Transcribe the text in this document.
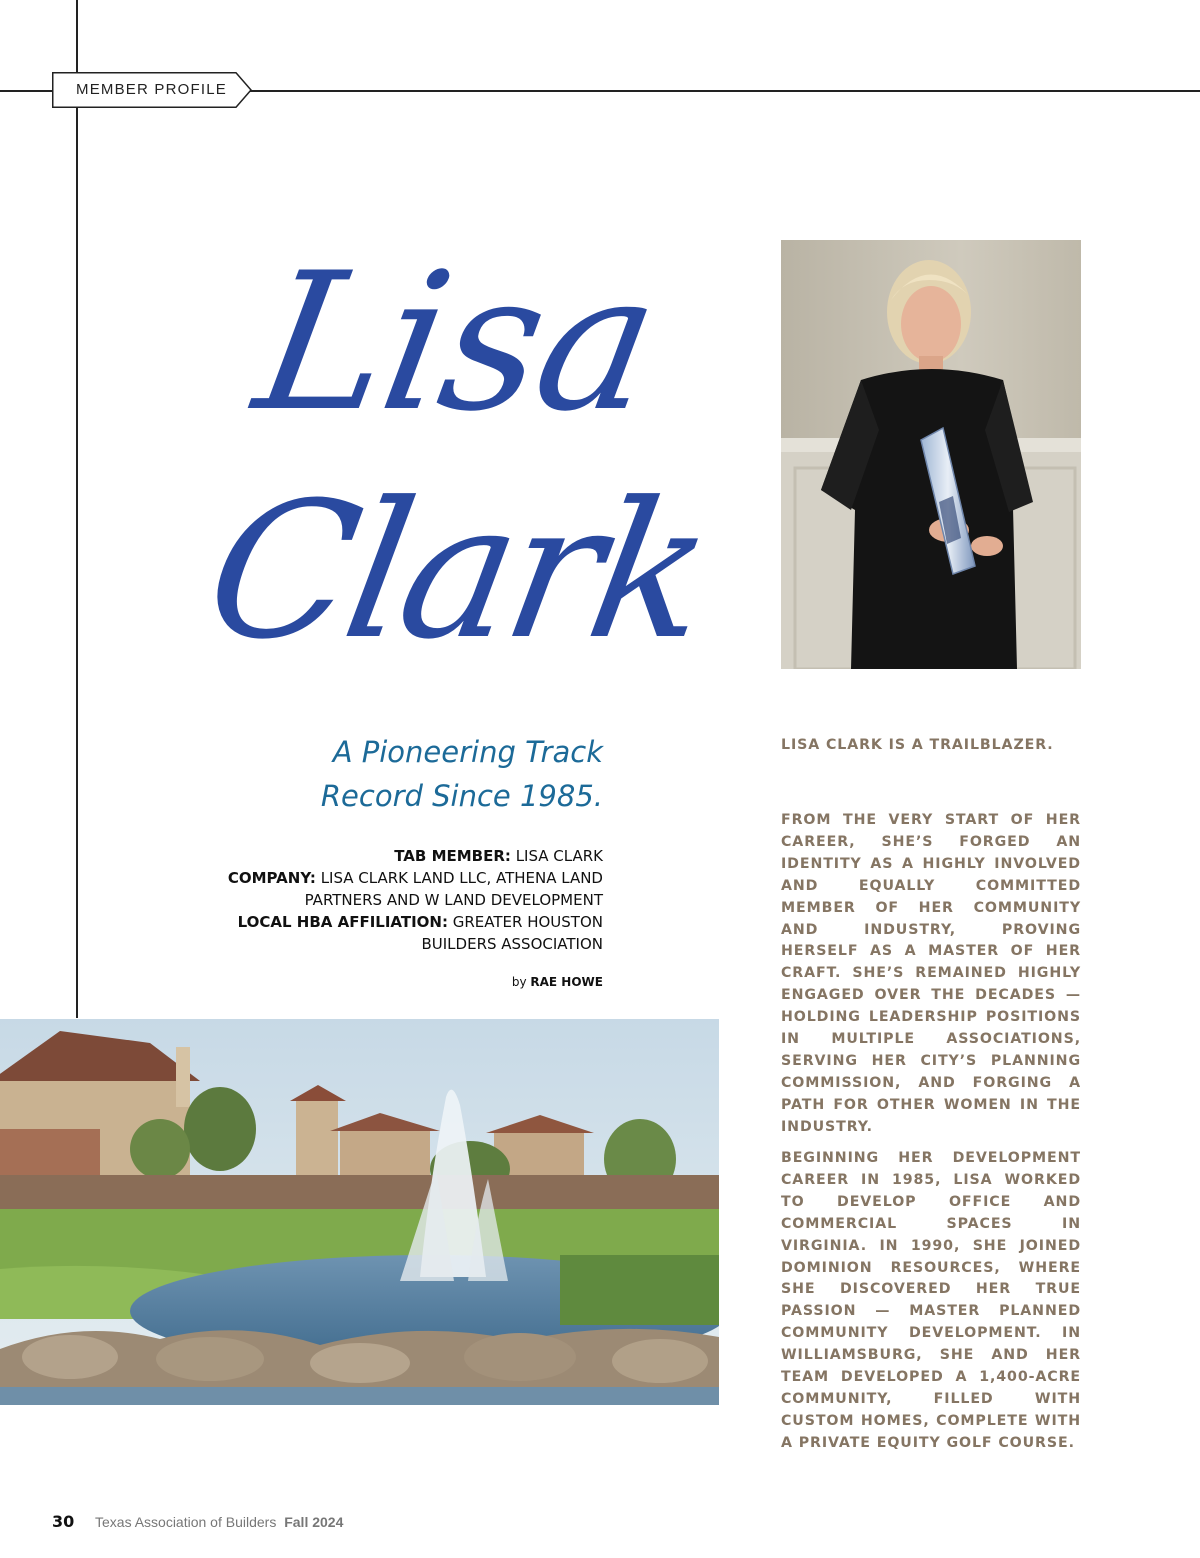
MEMBER PROFILE
Lisa
Clark
A Pioneering Track
Record Since 1985.
TAB MEMBER: LISA CLARK
COMPANY: LISA CLARK LAND LLC, ATHENA LAND PARTNERS AND W LAND DEVELOPMENT
LOCAL HBA AFFILIATION: GREATER HOUSTON BUILDERS ASSOCIATION
by RAE HOWE
LISA CLARK IS A TRAILBLAZER.
FROM THE VERY START OF HER CAREER, SHE’S FORGED AN IDENTITY AS A HIGHLY INVOLVED AND EQUALLY COMMITTED MEMBER OF HER COMMUNITY AND INDUSTRY, PROVING HERSELF AS A MASTER OF HER CRAFT. SHE’S REMAINED HIGHLY ENGAGED OVER THE DECADES — HOLDING LEADERSHIP POSITIONS IN MULTIPLE ASSOCIATIONS, SERVING HER CITY’S PLANNING COMMISSION, AND FORGING A PATH FOR OTHER WOMEN IN THE INDUSTRY.
BEGINNING HER DEVELOPMENT CAREER IN 1985, LISA WORKED TO DEVELOP OFFICE AND COMMERCIAL SPACES IN VIRGINIA. IN 1990, SHE JOINED DOMINION RESOURCES, WHERE SHE DISCOVERED HER TRUE PASSION — MASTER PLANNED COMMUNITY DEVELOPMENT. IN WILLIAMSBURG, SHE AND HER TEAM DEVELOPED A 1,400-ACRE COMMUNITY, FILLED WITH CUSTOM HOMES, COMPLETE WITH A PRIVATE EQUITY GOLF COURSE.
30 Texas Association of Builders Fall 2024
